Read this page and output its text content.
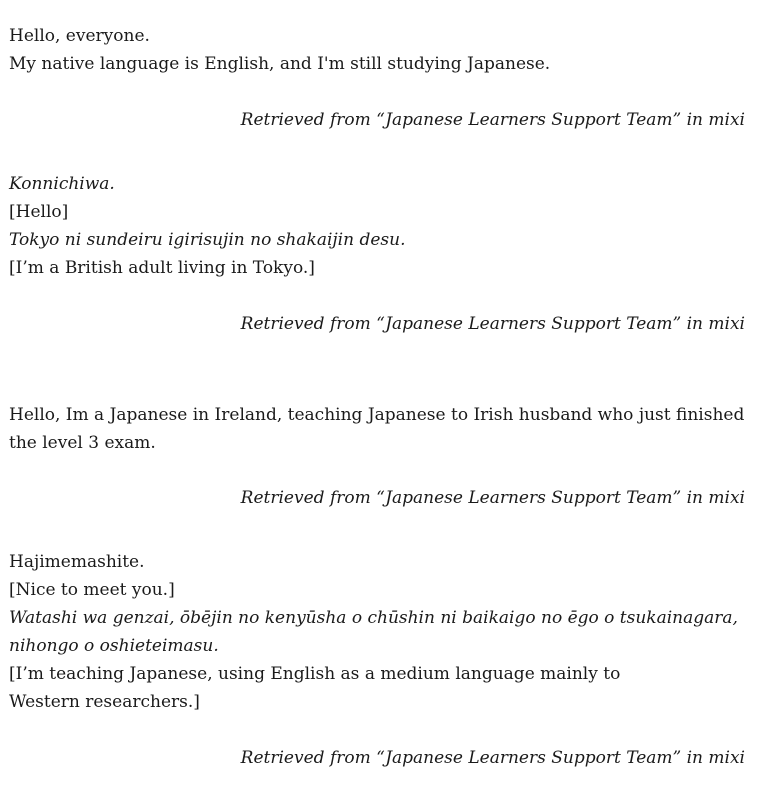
Hello, everyone.
My native language is English, and I'm still studying Japanese.
Retrieved from “Japanese Learners Support Team” in mixi
Konnichiwa.
[Hello]
Tokyo ni sundeiru igirisujin no shakaijin desu.
[I’m a British adult living in Tokyo.]
Retrieved from “Japanese Learners Support Team” in mixi
Hello, Im a Japanese in Ireland, teaching Japanese to Irish husband who just finished
the level 3 exam.
Retrieved from “Japanese Learners Support Team” in mixi
Hajimemashite.
[Nice to meet you.]
Watashi wa genzai, ōbējin no kenyūsha o chūshin ni baikaigo no ēgo o tsukainagara,
nihongo o oshieteimasu.
[I’m teaching Japanese, using English as a medium language mainly to
Western researchers.]
Retrieved from “Japanese Learners Support Team” in mixi
